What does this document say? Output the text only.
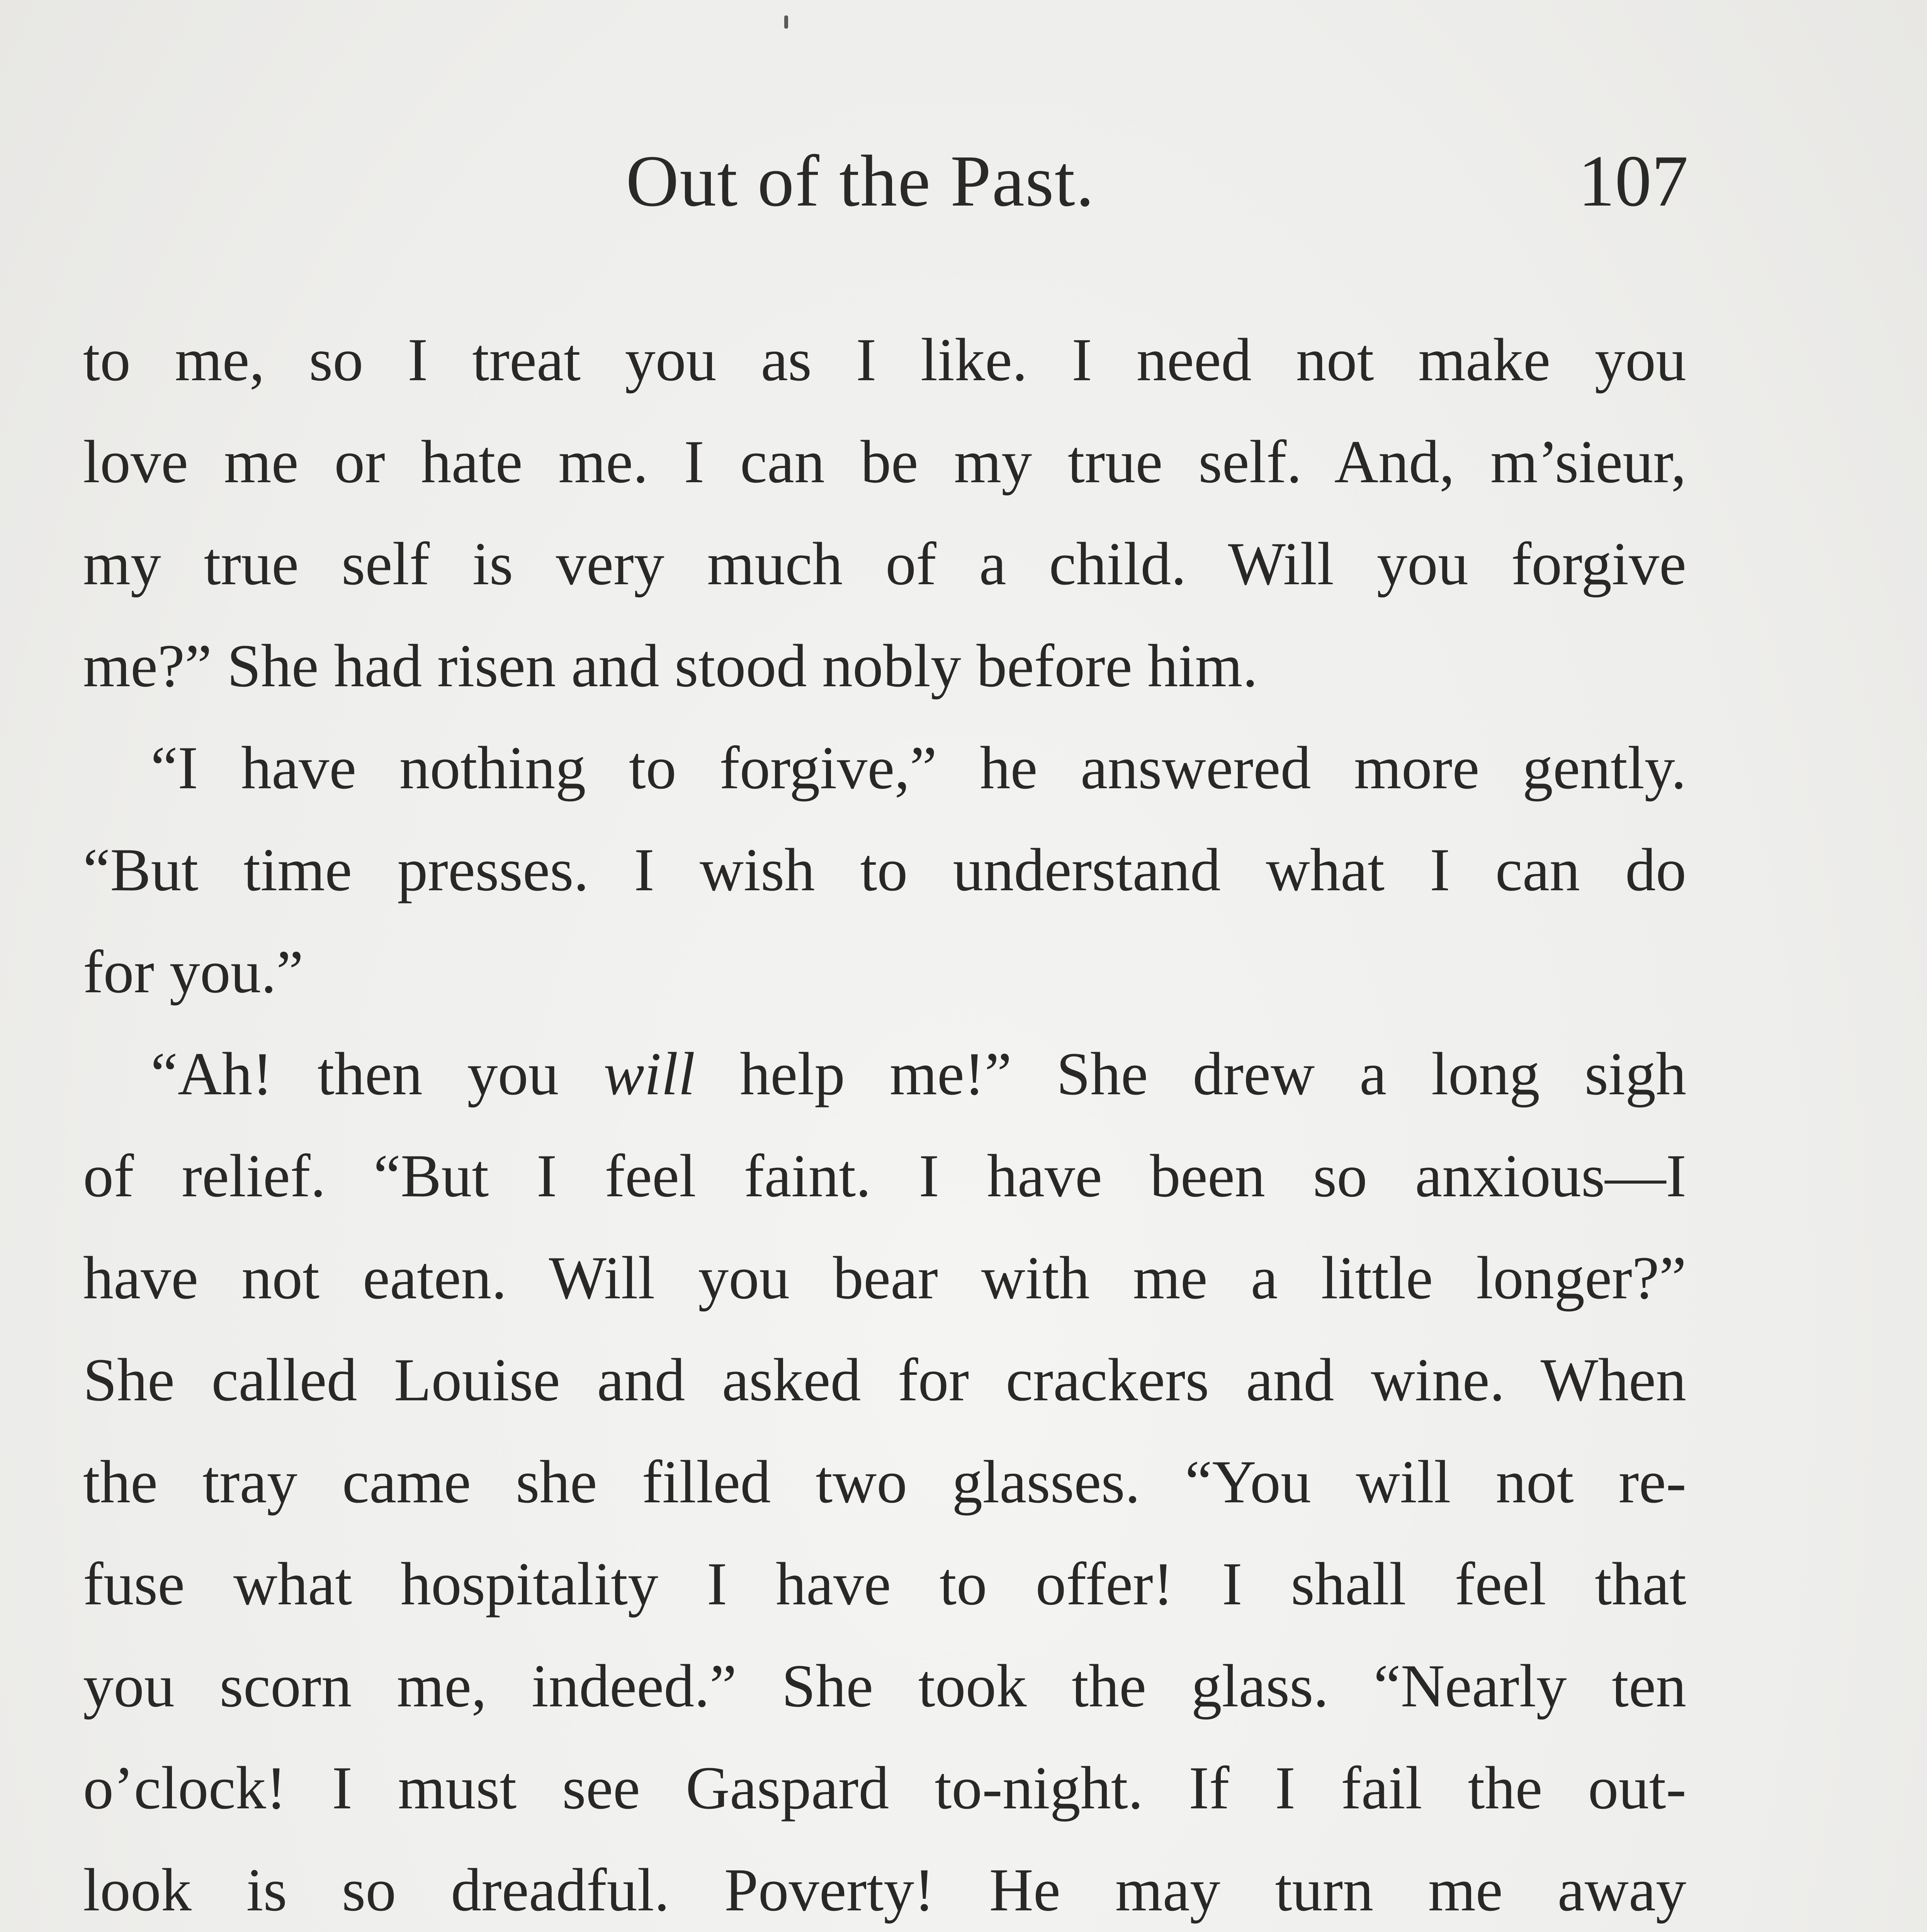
Out of the Past.	107

to me, so I treat you as I like. I need not make you

love me or hate me. I can be my true self. And, m’sieur,

my true self is very much of a child. Will you forgive

me?” She had risen and stood nobly before him.

“I have nothing to forgive,” he answered more gently.

“But time presses. I wish to understand what I can do

for you.”

“Ah! then you will help me!” She drew a long sigh

of relief. “But I feel faint. I have been so anxious—I

have not eaten. Will you bear with me a little longer?”

She called Louise and asked for crackers and wine. When

the tray came she filled two glasses. “You will not re-

fuse what hospitality I have to offer! I shall feel that

you scorn me, indeed.” She took the glass. “Nearly ten

o’clock! I must see Gaspard to-night. If I fail the out-

look is so dreadful. Poverty! He may turn me away
